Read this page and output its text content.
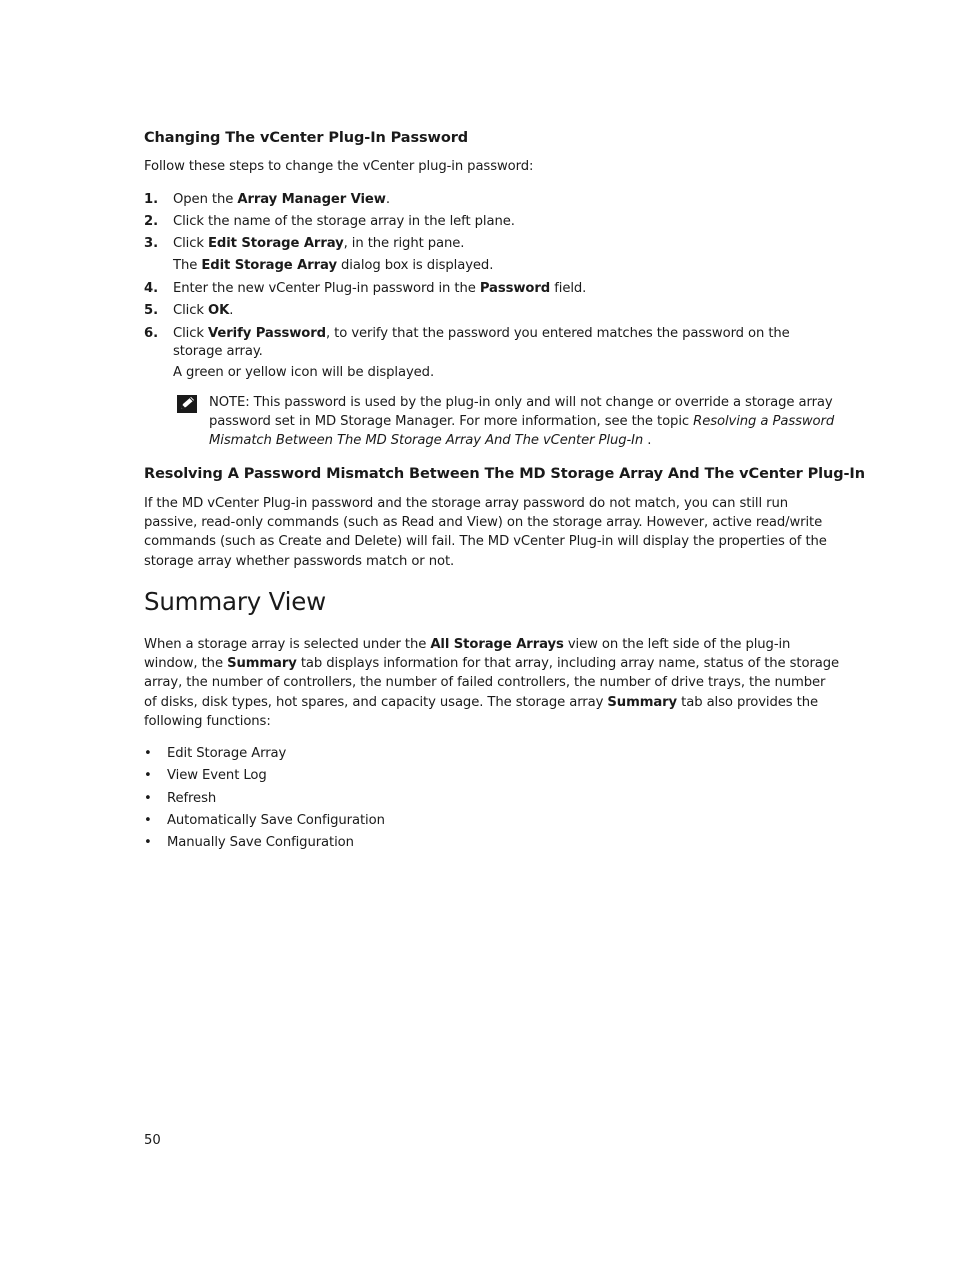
Changing The vCenter Plug-In Password

Follow these steps to change the vCenter plug-in password:

1. Open the Array Manager View.
2. Click the name of the storage array in the left plane.
3. Click Edit Storage Array, in the right pane.
The Edit Storage Array dialog box is displayed.
4. Enter the new vCenter Plug-in password in the Password field.
5. Click OK.
6. Click Verify Password, to verify that the password you entered matches the password on the storage array.
A green or yellow icon will be displayed.
NOTE: This password is used by the plug-in only and will not change or override a storage array password set in MD Storage Manager. For more information, see the topic Resolving a Password Mismatch Between The MD Storage Array And The vCenter Plug-In .
Resolving A Password Mismatch Between The MD Storage Array And The vCenter Plug-In

If the MD vCenter Plug-in password and the storage array password do not match, you can still run passive, read-only commands (such as Read and View) on the storage array. However, active read/write commands (such as Create and Delete) will fail. The MD vCenter Plug-in will display the properties of the storage array whether passwords match or not.

Summary View

When a storage array is selected under the All Storage Arrays view on the left side of the plug-in window, the Summary tab displays information for that array, including array name, status of the storage array, the number of controllers, the number of failed controllers, the number of drive trays, the number of disks, disk types, hot spares, and capacity usage. The storage array Summary tab also provides the following functions:

• Edit Storage Array
• View Event Log
• Refresh
• Automatically Save Configuration
• Manually Save Configuration
50
